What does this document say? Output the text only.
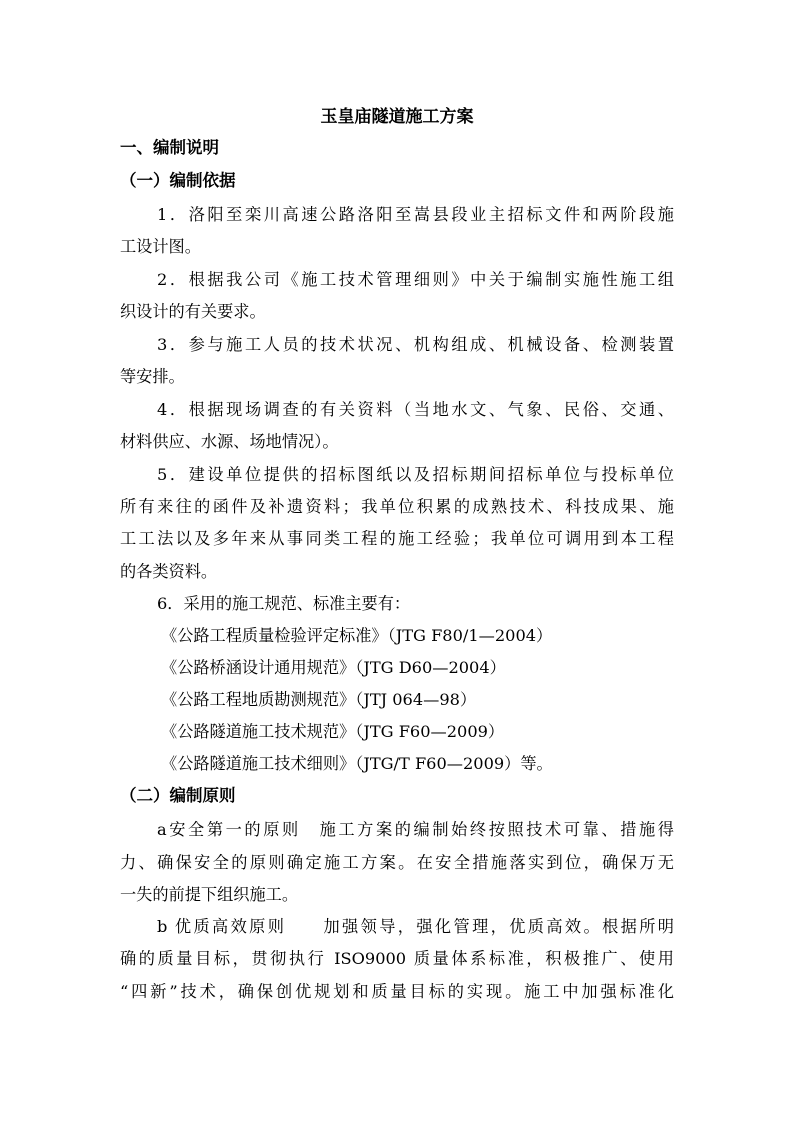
玉皇庙隧道施工方案
一、编制说明
（一）编制依据
1．洛阳至栾川高速公路洛阳至嵩县段业主招标文件和两阶段施
工设计图。
2．根据我公司《施工技术管理细则》中关于编制实施性施工组
织设计的有关要求。
3．参与施工人员的技术状况、机构组成、机械设备、检测装置
等安排。
4．根据现场调查的有关资料（当地水文、气象、民俗、交通、
材料供应、水源、场地情况）。
5．建设单位提供的招标图纸以及招标期间招标单位与投标单位
所有来往的函件及补遗资料；我单位积累的成熟技术、科技成果、施
工工法以及多年来从事同类工程的施工经验；我单位可调用到本工程
的各类资料。
6．采用的施工规范、标准主要有：
《公路工程质量检验评定标准》（JTG F80/1—2004）
《公路桥涵设计通用规范》（JTG D60—2004）
《公路工程地质勘测规范》（JTJ 064—98）
《公路隧道施工技术规范》（JTG F60—2009）
《公路隧道施工技术细则》（JTG/T F60—2009）等。
（二）编制原则
a安全第一的原则　施工方案的编制始终按照技术可靠、措施得
力、确保安全的原则确定施工方案。在安全措施落实到位，确保万无
一失的前提下组织施工。
b 优质高效原则　　加强领导，强化管理，优质高效。根据所明
确的质量目标，贯彻执行 ISO9000 质量体系标准，积极推广、使用
“四新”技术，确保创优规划和质量目标的实现。施工中加强标准化
